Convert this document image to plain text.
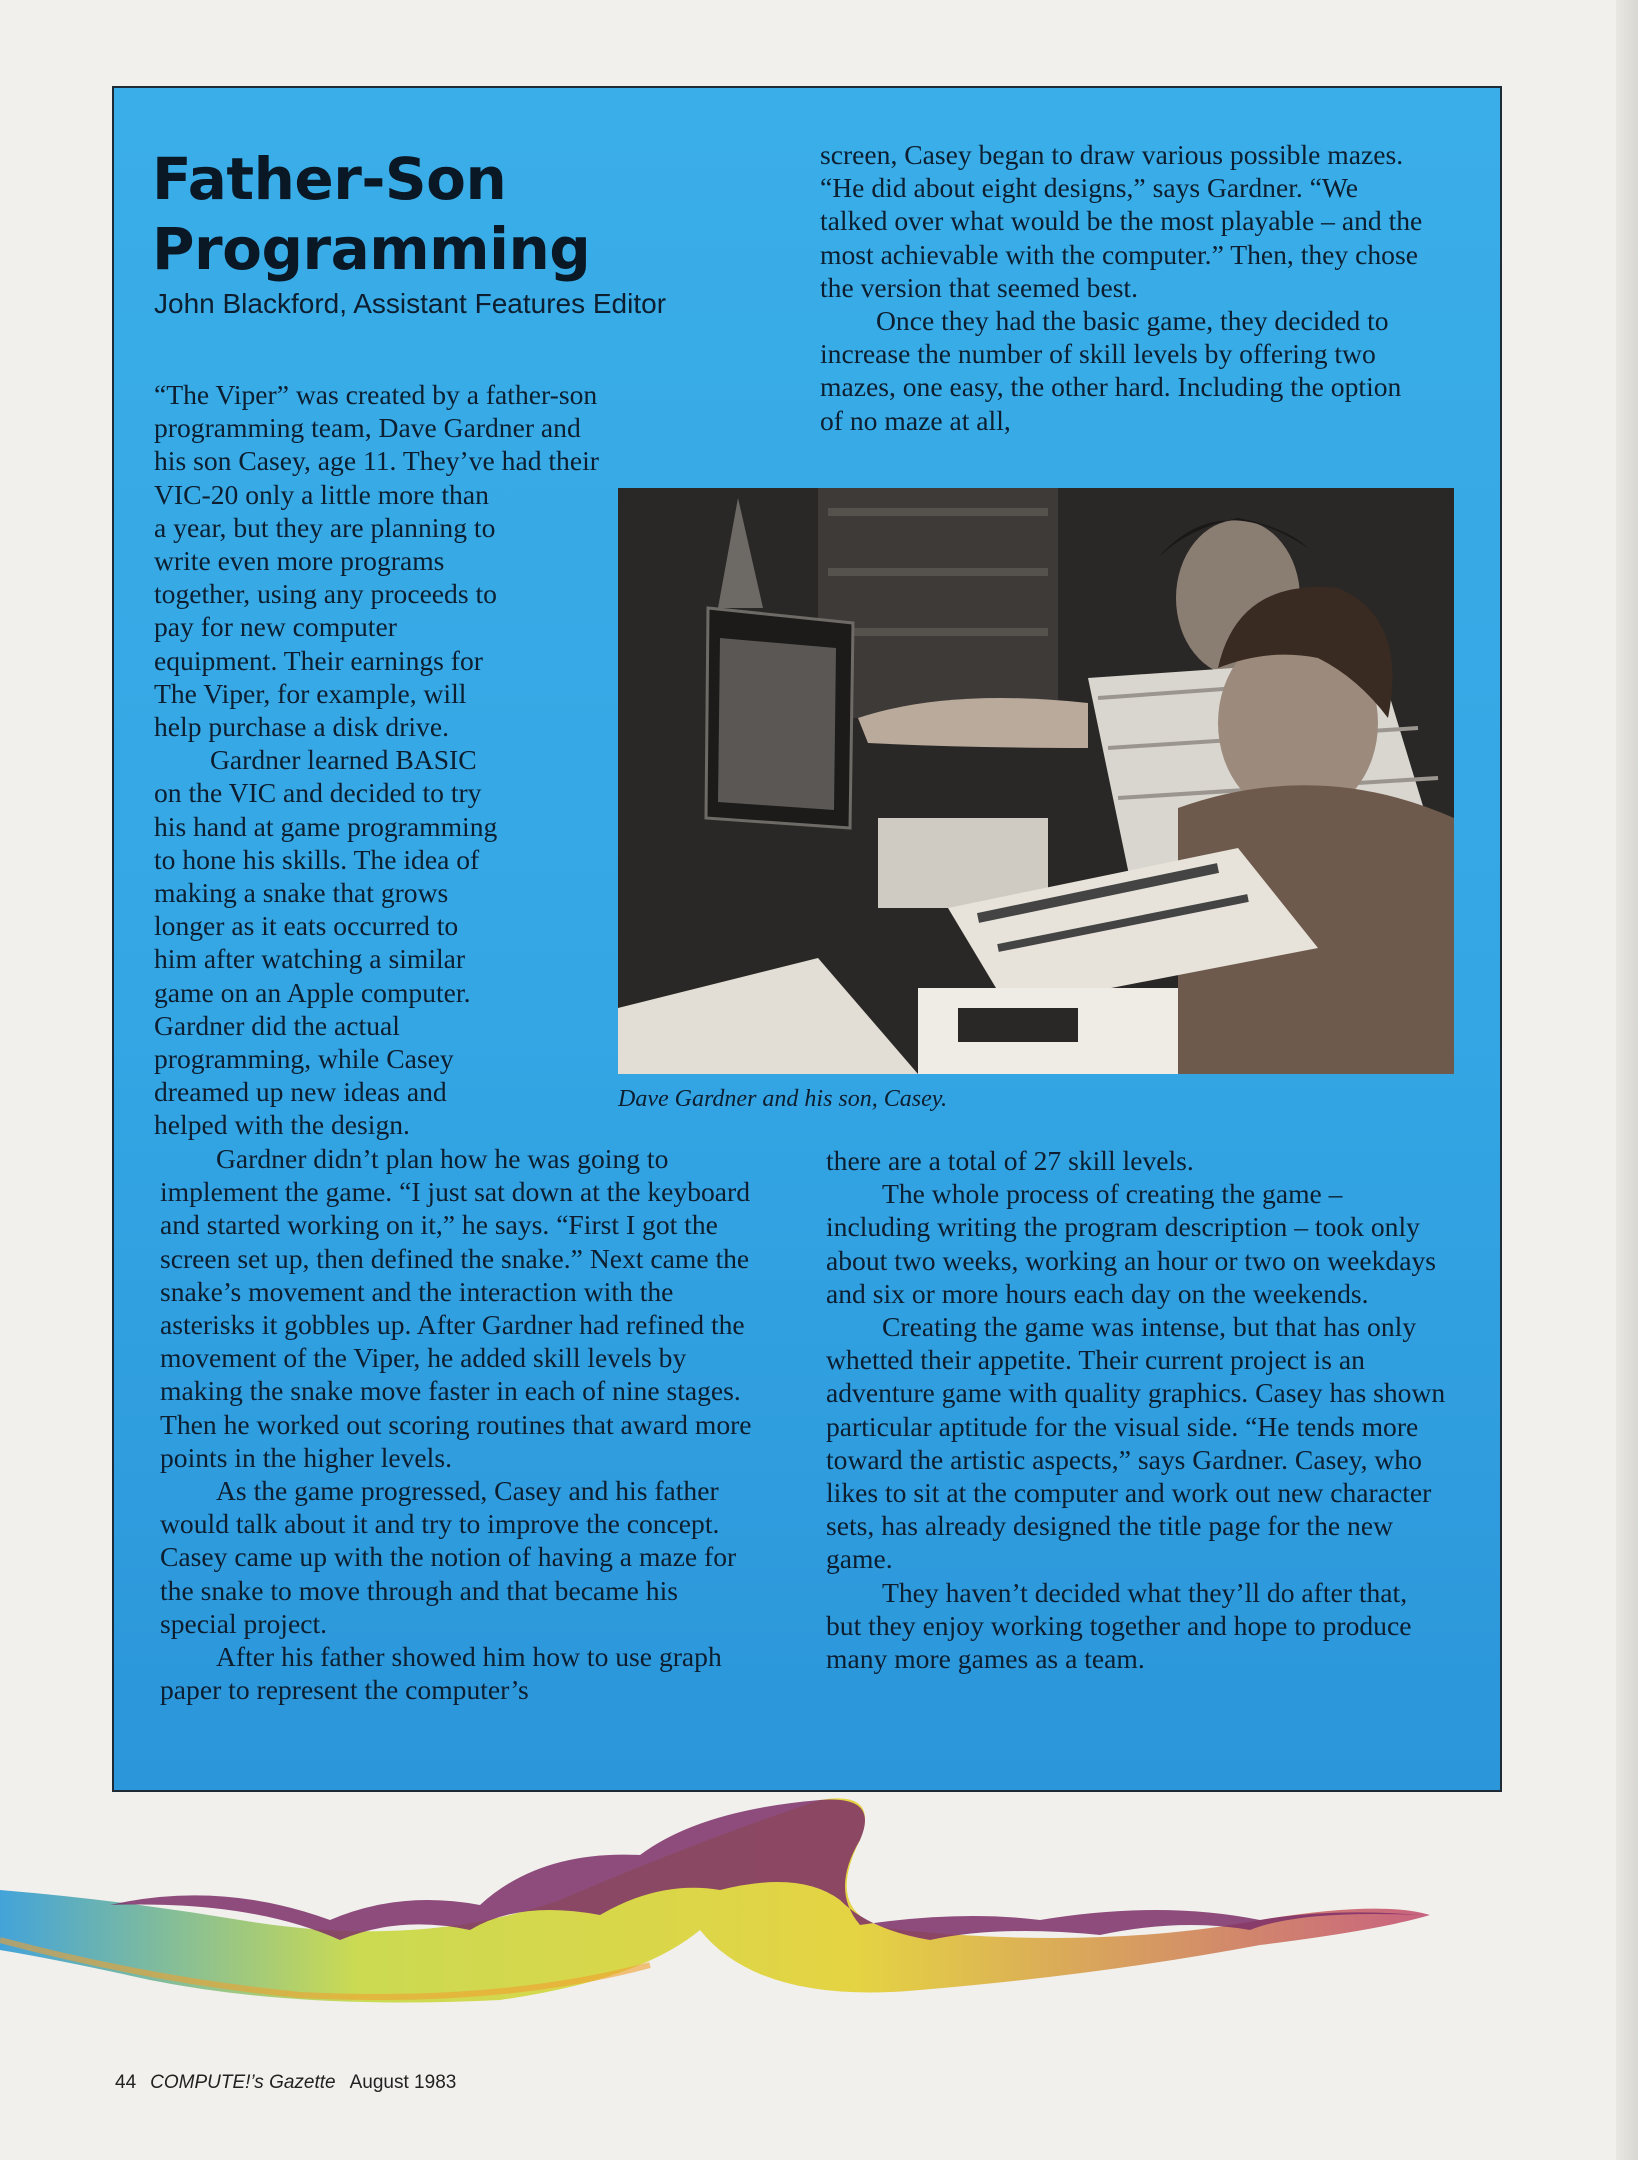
Father-Son Programming

John Blackford, Assistant Features Editor

“The Viper” was created by a father-son programming team, Dave Gardner and his son Casey, age 11. They’ve had their VIC-20 only a little more than a year, but they are planning to write even more programs together, using any proceeds to pay for new computer equipment. Their earnings for The Viper, for example, will help purchase a disk drive.

Gardner learned BASIC on the VIC and decided to try his hand at game programming to hone his skills. The idea of making a snake that grows longer as it eats occurred to him after watching a similar game on an Apple computer. Gardner did the actual programming, while Casey dreamed up new ideas and helped with the design.

screen, Casey began to draw various possible mazes. “He did about eight designs,” says Gardner. “We talked over what would be the most playable – and the most achievable with the computer.” Then, they chose the version that seemed best.

Once they had the basic game, they decided to increase the number of skill levels by offering two mazes, one easy, the other hard. Including the option of no maze at all,

Dave Gardner and his son, Casey.

Gardner didn’t plan how he was going to implement the game. “I just sat down at the keyboard and started working on it,” he says. “First I got the screen set up, then defined the snake.” Next came the snake’s movement and the interaction with the asterisks it gobbles up. After Gardner had refined the movement of the Viper, he added skill levels by making the snake move faster in each of nine stages. Then he worked out scoring routines that award more points in the higher levels.

As the game progressed, Casey and his father would talk about it and try to improve the concept. Casey came up with the notion of having a maze for the snake to move through and that became his special project.

After his father showed him how to use graph paper to represent the computer’s

there are a total of 27 skill levels.

The whole process of creating the game – including writing the program description – took only about two weeks, working an hour or two on weekdays and six or more hours each day on the weekends.

Creating the game was intense, but that has only whetted their appetite. Their current project is an adventure game with quality graphics. Casey has shown particular aptitude for the visual side. “He tends more toward the artistic aspects,” says Gardner. Casey, who likes to sit at the computer and work out new character sets, has already designed the title page for the new game.

They haven’t decided what they’ll do after that, but they enjoy working together and hope to produce many more games as a team.

44 COMPUTE!’s Gazette August 1983
